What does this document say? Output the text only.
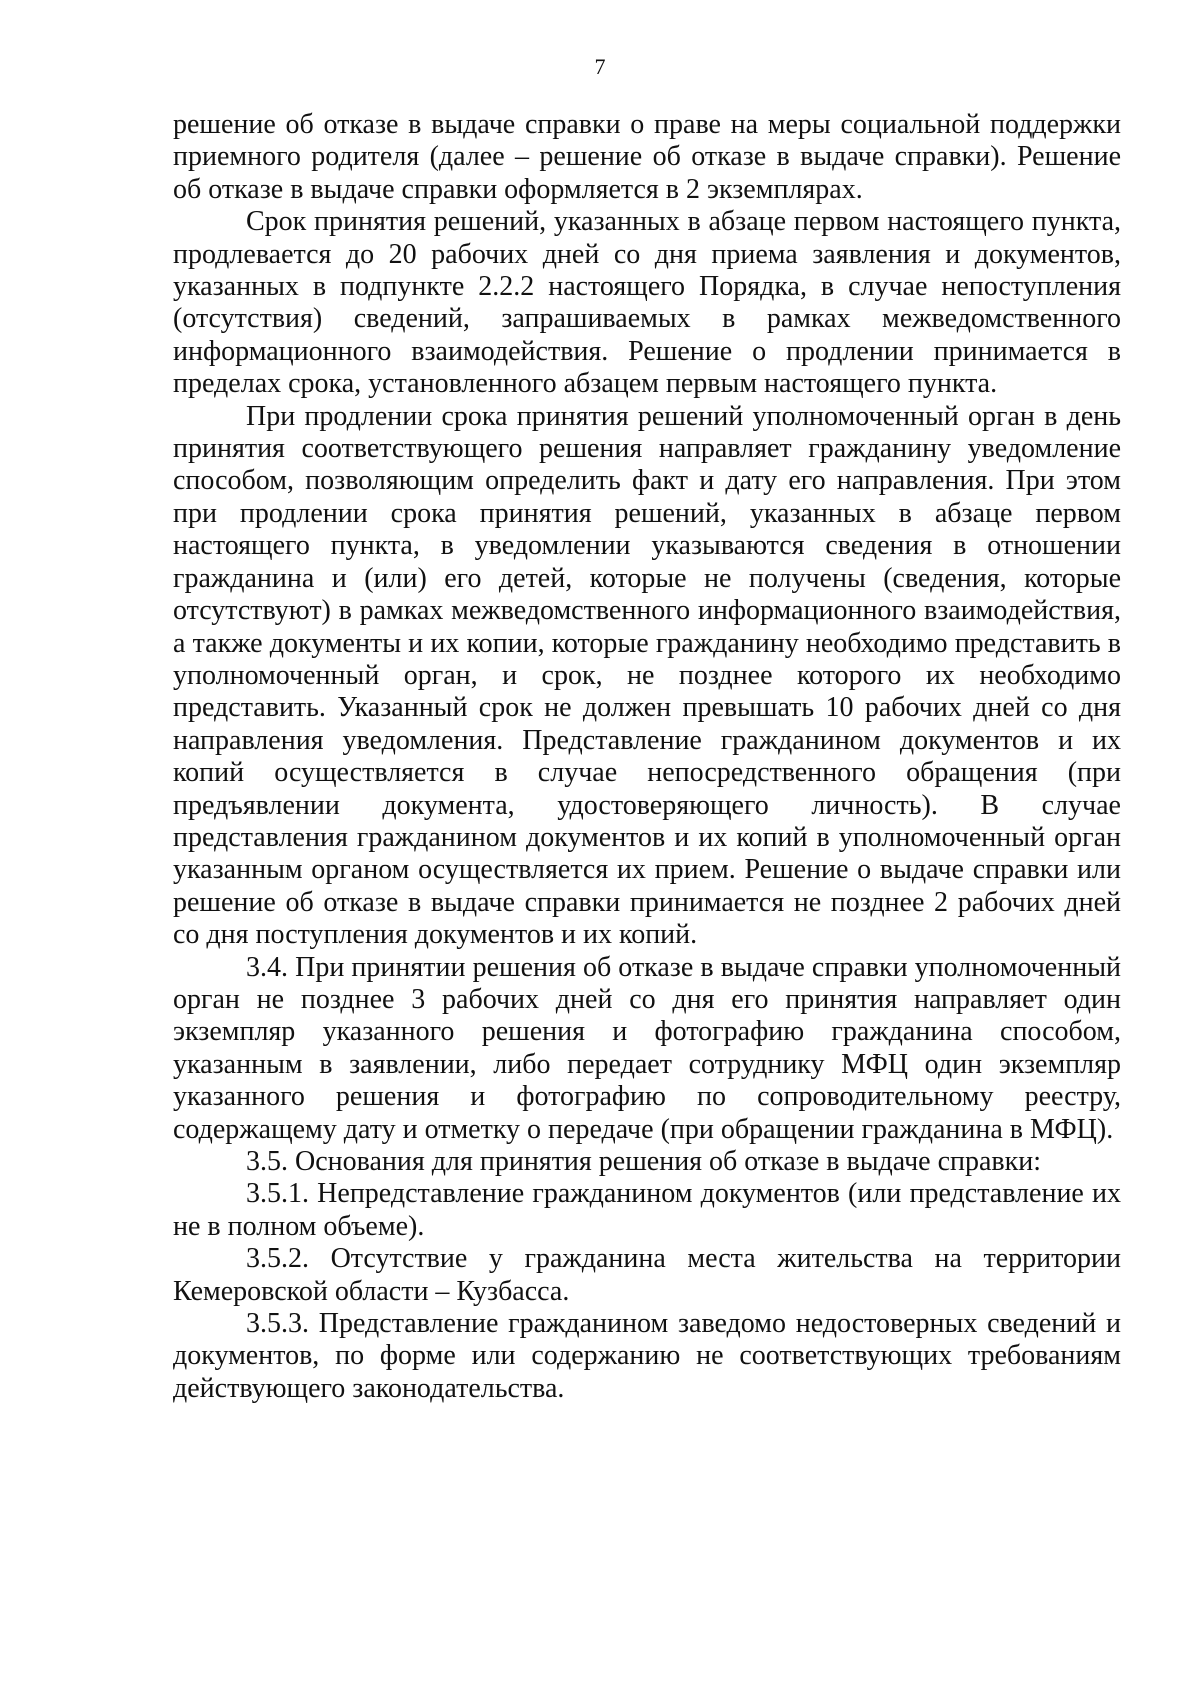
7

решение об отказе в выдаче справки о праве на меры социальной поддержки приемного родителя (далее – решение об отказе в выдаче справки). Решение об отказе в выдаче справки оформляется в 2 экземплярах.

Срок принятия решений, указанных в абзаце первом настоящего пункта, продлевается до 20 рабочих дней со дня приема заявления и документов, указанных в подпункте 2.2.2 настоящего Порядка, в случае непоступления (отсутствия) сведений, запрашиваемых в рамках межведомственного информационного взаимодействия. Решение о продлении принимается в пределах срока, установленного абзацем первым настоящего пункта.

При продлении срока принятия решений уполномоченный орган в день принятия соответствующего решения направляет гражданину уведомление способом, позволяющим определить факт и дату его направления. При этом при продлении срока принятия решений, указанных в абзаце первом настоящего пункта, в уведомлении указываются сведения в отношении гражданина и (или) его детей, которые не получены (сведения, которые отсутствуют) в рамках межведомственного информационного взаимодействия, а также документы и их копии, которые гражданину необходимо представить в уполномоченный орган, и срок, не позднее которого их необходимо представить. Указанный срок не должен превышать 10 рабочих дней со дня направления уведомления. Представление гражданином документов и их копий осуществляется в случае непосредственного обращения (при предъявлении документа, удостоверяющего личность). В случае представления гражданином документов и их копий в уполномоченный орган указанным органом осуществляется их прием. Решение о выдаче справки или решение об отказе в выдаче справки принимается не позднее 2 рабочих дней со дня поступления документов и их копий.

3.4. При принятии решения об отказе в выдаче справки уполномоченный орган не позднее 3 рабочих дней со дня его принятия направляет один экземпляр указанного решения и фотографию гражданина способом, указанным в заявлении, либо передает сотруднику МФЦ один экземпляр указанного решения и фотографию по сопроводительному реестру, содержащему дату и отметку о передаче (при обращении гражданина в МФЦ).

3.5. Основания для принятия решения об отказе в выдаче справки:

3.5.1. Непредставление гражданином документов (или представление их не в полном объеме).

3.5.2. Отсутствие у гражданина места жительства на территории Кемеровской области – Кузбасса.

3.5.3. Представление гражданином заведомо недостоверных сведений и документов, по форме или содержанию не соответствующих требованиям действующего законодательства.
